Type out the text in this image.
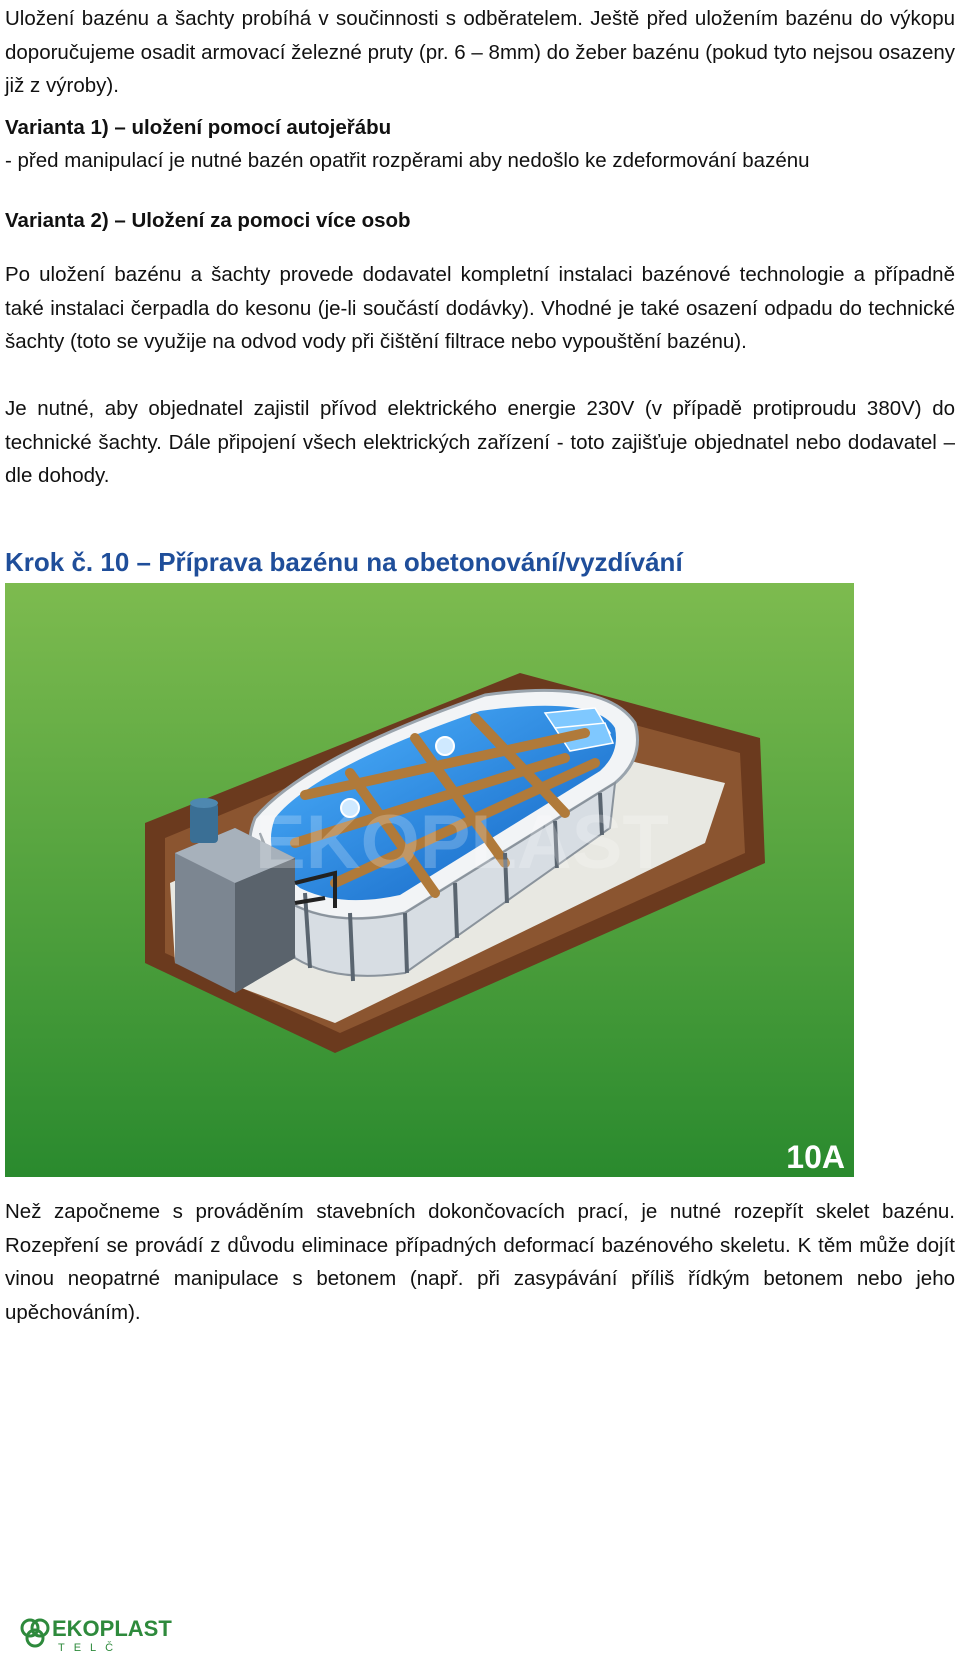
Uložení bazénu a šachty probíhá v součinnosti s odběratelem. Ještě před uložením bazénu do výkopu doporučujeme osadit armovací železné pruty (pr. 6 – 8mm) do žeber bazénu (pokud tyto nejsou osazeny již z výroby).

Varianta 1) – uložení pomocí autojeřábu

- před manipulací je nutné bazén opatřit rozpěrami aby nedošlo ke zdeformování bazénu

Varianta 2) – Uložení za pomoci více osob

Po uložení bazénu a šachty provede dodavatel kompletní instalaci bazénové technologie a případně také instalaci čerpadla do kesonu (je-li součástí dodávky). Vhodné je také osazení odpadu do technické šachty (toto se využije na odvod vody při čištění filtrace nebo vypouštění bazénu).

Je nutné, aby objednatel zajistil přívod elektrického energie 230V (v případě protiproudu 380V) do technické šachty. Dále připojení všech elektrických zařízení - toto zajišťuje objednatel nebo dodavatel – dle dohody.

Krok č. 10 – Příprava bazénu na obetonování/vyzdívání
EKOPLAST
10A

Než započneme s prováděním stavebních dokončovacích prací, je nutné rozepřít skelet bazénu. Rozepření se provádí z důvodu eliminace případných deformací bazénového skeletu. K těm může dojít vinou neopatrné manipulace s betonem (např. při zasypávání příliš řídkým betonem nebo jeho upěchováním).

EKOPLAST
TELČ
